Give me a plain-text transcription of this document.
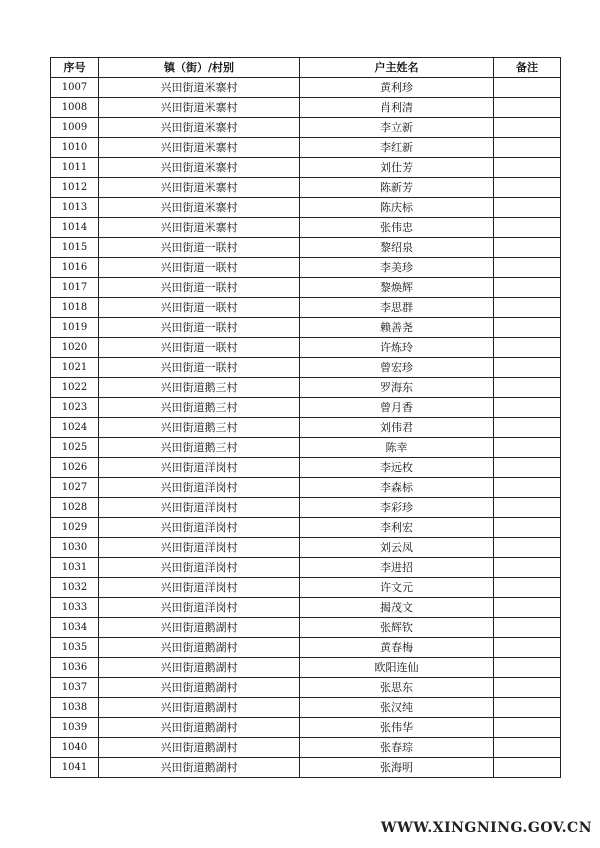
序号	镇（街）/村别	户主姓名	备注
1007	兴田街道米寨村	黄利珍	
1008	兴田街道米寨村	肖利清	
1009	兴田街道米寨村	李立新	
1010	兴田街道米寨村	李红新	
1011	兴田街道米寨村	刘仕芳	
1012	兴田街道米寨村	陈新芳	
1013	兴田街道米寨村	陈庆标	
1014	兴田街道米寨村	张伟忠	
1015	兴田街道一联村	黎绍泉	
1016	兴田街道一联村	李美珍	
1017	兴田街道一联村	黎焕辉	
1018	兴田街道一联村	李思群	
1019	兴田街道一联村	赖善尧	
1020	兴田街道一联村	许炼玲	
1021	兴田街道一联村	曾宏珍	
1022	兴田街道鹅三村	罗海东	
1023	兴田街道鹅三村	曾月香	
1024	兴田街道鹅三村	刘伟君	
1025	兴田街道鹅三村	陈幸	
1026	兴田街道洋岗村	李远枚	
1027	兴田街道洋岗村	李森标	
1028	兴田街道洋岗村	李彩珍	
1029	兴田街道洋岗村	李利宏	
1030	兴田街道洋岗村	刘云凤	
1031	兴田街道洋岗村	李进招	
1032	兴田街道洋岗村	许文元	
1033	兴田街道洋岗村	揭茂文	
1034	兴田街道鹅湖村	张辉钦	
1035	兴田街道鹅湖村	黄春梅	
1036	兴田街道鹅湖村	欧阳连仙	
1037	兴田街道鹅湖村	张思东	
1038	兴田街道鹅湖村	张汉纯	
1039	兴田街道鹅湖村	张伟华	
1040	兴田街道鹅湖村	张春琮	
1041	兴田街道鹅湖村	张海明	
WWW.XINGNING.GOV.CN
